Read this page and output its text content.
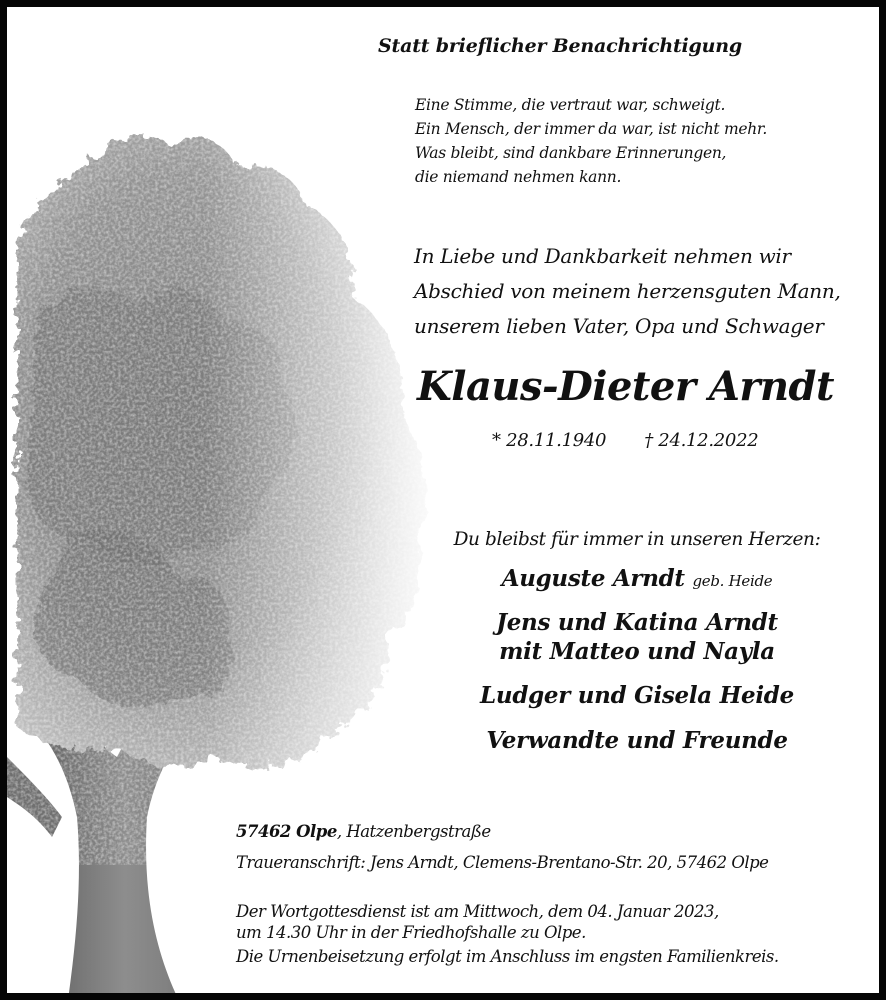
Statt brieflicher Benachrichtigung
Eine Stimme, die vertraut war, schweigt.
Ein Mensch, der immer da war, ist nicht mehr.
Was bleibt, sind dankbare Erinnerungen,
die niemand nehmen kann.
In Liebe und Dankbarkeit nehmen wir
Abschied von meinem herzensguten Mann,
unserem lieben Vater, Opa und Schwager
Klaus-Dieter Arndt
* 28.11.1940 † 24.12.2022
Du bleibst für immer in unseren Herzen:
Auguste Arndt geb. Heide
Jens und Katina Arndt
mit Matteo und Nayla
Ludger und Gisela Heide
Verwandte und Freunde
57462 Olpe, Hatzenbergstraße
Traueranschrift: Jens Arndt, Clemens-Brentano-Str. 20, 57462 Olpe
Der Wortgottesdienst ist am Mittwoch, dem 04. Januar 2023,
um 14.30 Uhr in der Friedhofshalle zu Olpe.
Die Urnenbeisetzung erfolgt im Anschluss im engsten Familienkreis.
